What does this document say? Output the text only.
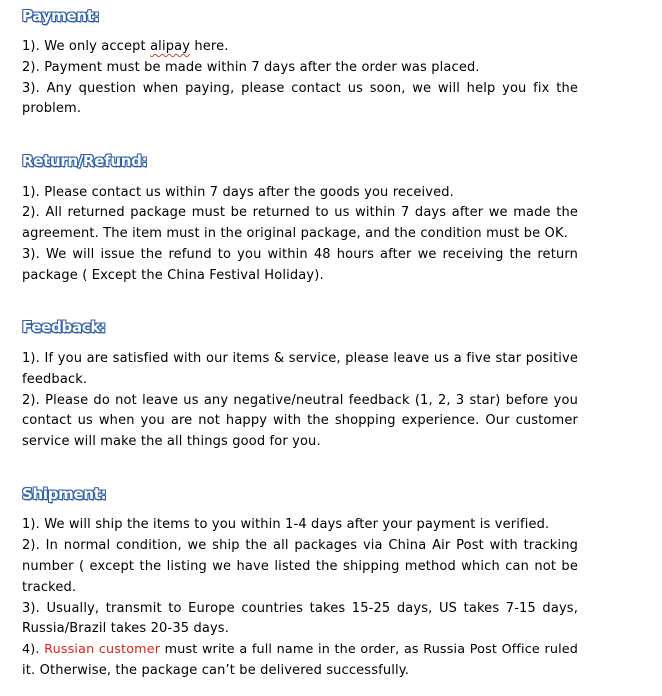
Payment:
1). We only accept alipay here.
2). Payment must be made within 7 days after the order was placed.
3). Any question when paying, please contact us soon, we will help you fix the
problem.
Return/Refund:
1). Please contact us within 7 days after the goods you received.
2). All returned package must be returned to us within 7 days after we made the
agreement. The item must in the original package, and the condition must be OK.
3). We will issue the refund to you within 48 hours after we receiving the return
package ( Except the China Festival Holiday).
Feedback:
1). If you are satisfied with our items & service, please leave us a five star positive
feedback.
2). Please do not leave us any negative/neutral feedback (1, 2, 3 star) before you
contact us when you are not happy with the shopping experience. Our customer
service will make the all things good for you.
Shipment:
1). We will ship the items to you within 1-4 days after your payment is verified.
2). In normal condition, we ship the all packages via China Air Post with tracking
number ( except the listing we have listed the shipping method which can not be
tracked.
3). Usually, transmit to Europe countries takes 15-25 days, US takes 7-15 days,
Russia/Brazil takes 20-35 days.
4). Russian customer must write a full name in the order, as Russia Post Office ruled
it. Otherwise, the package can’t be delivered successfully.
